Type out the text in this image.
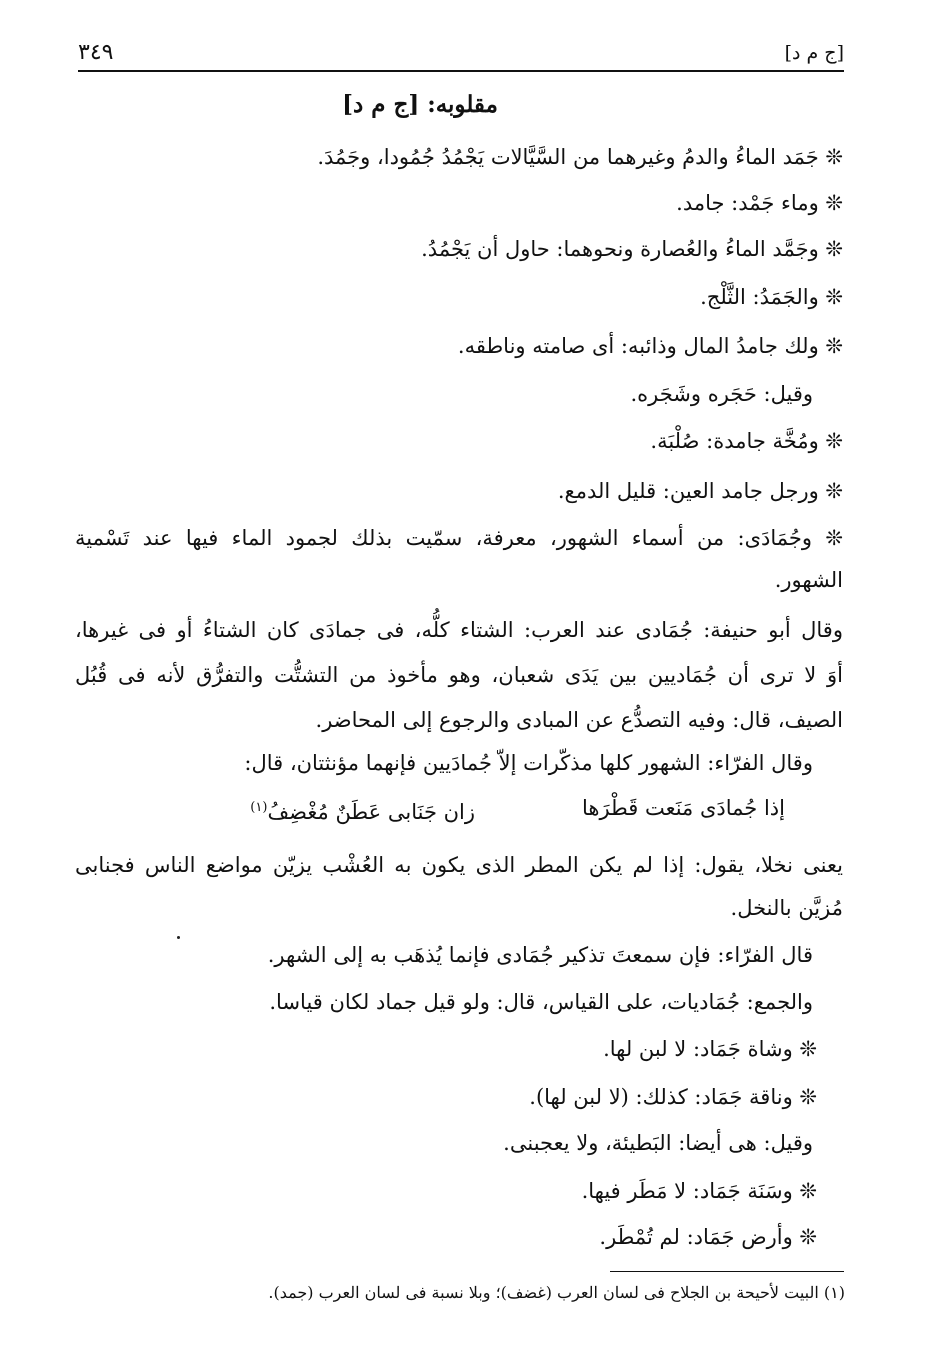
٣٤٩	[ج م د]
مقلوبه: [ج م د]
❊ جَمَد الماءُ والدمُ وغيرهما من السَّيَّالات يَجْمُدُ جُمُودا، وجَمُدَ.
❊ وماء جَمْد: جامد.
❊ وجَمَّد الماءُ والعُصارة ونحوهما: حاول أن يَجْمُدُ.
❊ والجَمَدُ: الثَّلْج.
❊ ولك جامدُ المال وذائبه: أى صامته وناطقه.
وقيل: حَجَره وشَجَره.
❊ ومُخَّة جامدة: صُلْبَة.
❊ ورجل جامد العين: قليل الدمع.
❊ وجُمَادَى: من أسماء الشهور، معرفة، سمّيت بذلك لجمود الماء فيها عند تَسْمية
الشهور.
وقال أبو حنيفة: جُمَادى عند العرب: الشتاء كلُّه، فى جمادَى كان الشتاءُ أو فى غيرها،
أوَ لا ترى أن جُمَاديين بين يَدَى شعبان، وهو مأخوذ من التشتُّت والتفرُّق لأنه فى قُبُل
الصيف، قال: وفيه التصدُّع عن المبادى والرجوع إلى المحاضر.
وقال الفرّاء: الشهور كلها مذكّرات إلاّ جُمادَيين فإنهما مؤنثتان، قال:
إذا جُمادَى مَنَعت قَطْرَها
زان جَنَابى عَطَنٌ مُغْضِفُ$^{(١)}$
يعنى نخلا، يقول: إذا لم يكن المطر الذى يكون به العُشْب يزيّن مواضع الناس فجنابى
مُزيَّن بالنخل.
قال الفرّاء: فإن سمعتَ تذكير جُمَادى فإنما يُذهَب به إلى الشهر.
والجمع: جُمَاديات، على القياس، قال: ولو قيل جماد لكان قياسا.
❊ وشاة جَمَاد: لا لبن لها.
❊ وناقة جَمَاد: كذلك: (لا لبن لها).
وقيل: هى أيضا: البَطيئة، ولا يعجبنى.
❊ وسَنَة جَمَاد: لا مَطَر فيها.
❊ وأرض جَمَاد: لم تُمْطَر.
(١) البيت لأحيحة بن الجلاح فى لسان العرب (غضف)؛ وبلا نسبة فى لسان العرب (جمد).
